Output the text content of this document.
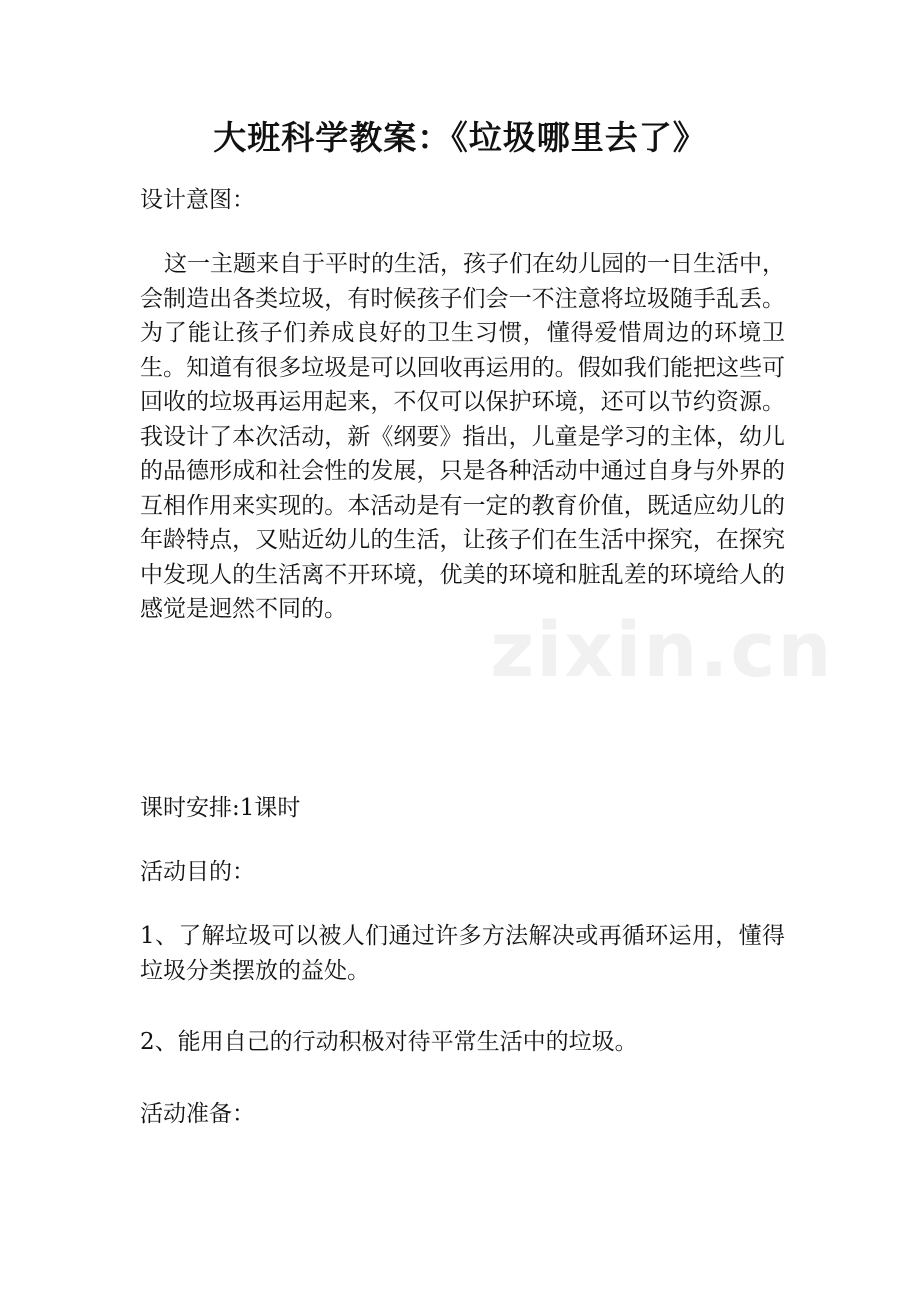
大班科学教案：《垃圾哪里去了》

设计意图：

这一主题来自于平时的生活，孩子们在幼儿园的一日生活中，会制造出各类垃圾，有时候孩子们会一不注意将垃圾随手乱丢。为了能让孩子们养成良好的卫生习惯，懂得爱惜周边的环境卫生。知道有很多垃圾是可以回收再运用的。假如我们能把这些可回收的垃圾再运用起来，不仅可以保护环境，还可以节约资源。我设计了本次活动，新《纲要》指出，儿童是学习的主体，幼儿的品德形成和社会性的发展，只是各种活动中通过自身与外界的互相作用来实现的。本活动是有一定的教育价值，既适应幼儿的年龄特点，又贴近幼儿的生活，让孩子们在生活中探究，在探究中发现人的生活离不开环境，优美的环境和脏乱差的环境给人的感觉是迥然不同的。

课时安排:1课时

活动目的：

1、了解垃圾可以被人们通过许多方法解决或再循环运用，懂得垃圾分类摆放的益处。

2、能用自己的行动积极对待平常生活中的垃圾。

活动准备：

zixin.cn
